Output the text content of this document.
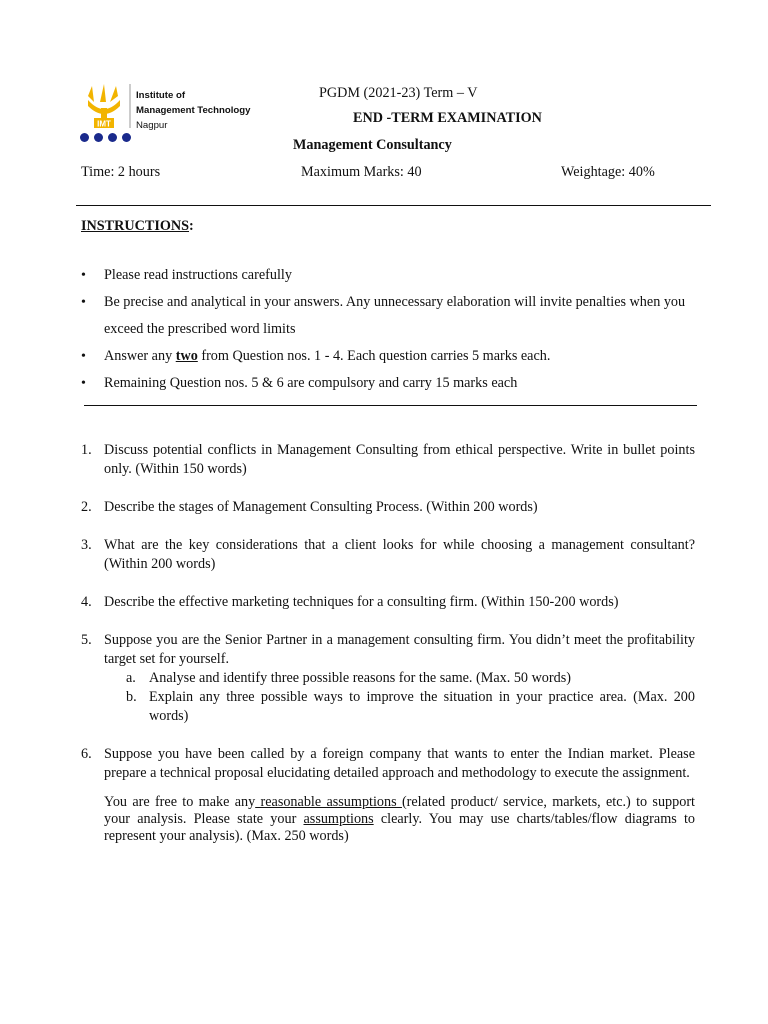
IMT
Institute of
Management Technology
Nagpur
PGDM (2021-23) Term – V
END -TERM EXAMINATION
Management Consultancy
Time: 2 hours	Maximum Marks: 40	Weightage: 40%
INSTRUCTIONS:
• Please read instructions carefully
• Be precise and analytical in your answers. Any unnecessary elaboration will invite penalties when you exceed the prescribed word limits
• Answer any two from Question nos. 1 - 4. Each question carries 5 marks each.
• Remaining Question nos. 5 & 6 are compulsory and carry 15 marks each
1. Discuss potential conflicts in Management Consulting from ethical perspective. Write in bullet points only. (Within 150 words)
2. Describe the stages of Management Consulting Process. (Within 200 words)
3. What are the key considerations that a client looks for while choosing a management consultant? (Within 200 words)
4. Describe the effective marketing techniques for a consulting firm. (Within 150-200 words)
5. Suppose you are the Senior Partner in a management consulting firm. You didn’t meet the profitability target set for yourself.
a. Analyse and identify three possible reasons for the same. (Max. 50 words)
b. Explain any three possible ways to improve the situation in your practice area. (Max. 200 words)
6. Suppose you have been called by a foreign company that wants to enter the Indian market. Please prepare a technical proposal elucidating detailed approach and methodology to execute the assignment.
You are free to make any reasonable assumptions (related product/ service, markets, etc.) to support your analysis. Please state your assumptions clearly. You may use charts/tables/flow diagrams to represent your analysis). (Max. 250 words)
